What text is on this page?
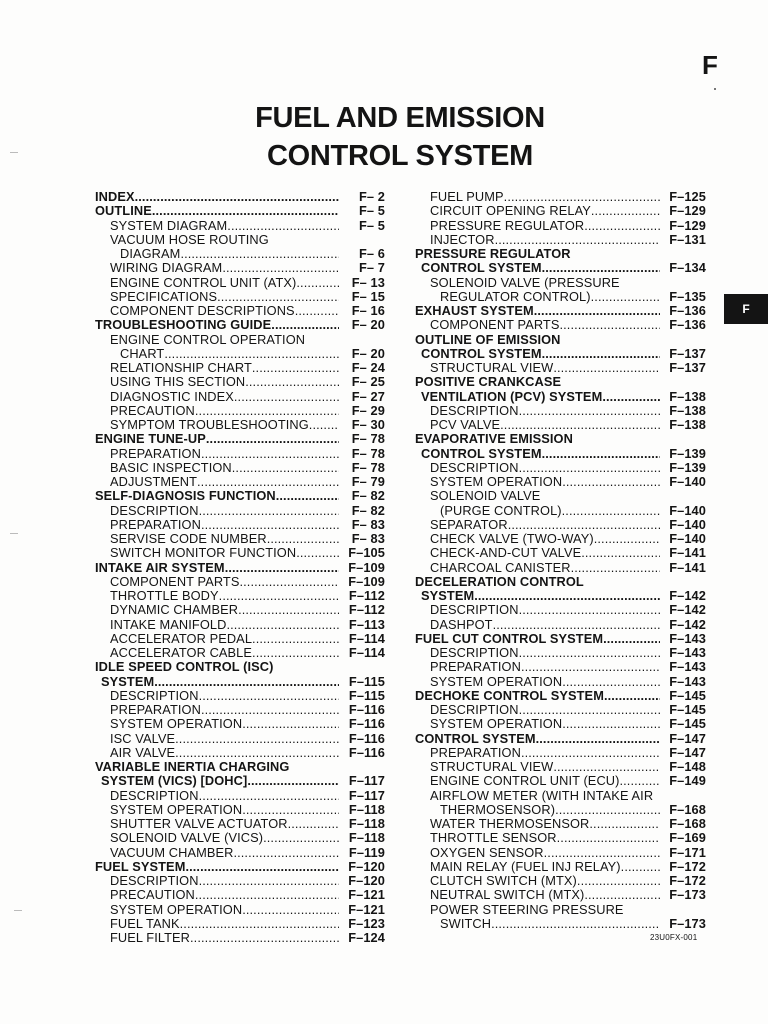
F
FUEL AND EMISSION
CONTROL SYSTEM
F
INDEX .....	F– 2
OUTLINE .....	F– 5
SYSTEM DIAGRAM .....	F– 5
VACUUM HOSE ROUTING
DIAGRAM .....	F– 6
WIRING DIAGRAM .....	F– 7
ENGINE CONTROL UNIT (ATX) .....	F– 13
SPECIFICATIONS .....	F– 15
COMPONENT DESCRIPTIONS .....	F– 16
TROUBLESHOOTING GUIDE .....	F– 20
ENGINE CONTROL OPERATION
CHART .....	F– 20
RELATIONSHIP CHART .....	F– 24
USING THIS SECTION .....	F– 25
DIAGNOSTIC INDEX .....	F– 27
PRECAUTION .....	F– 29
SYMPTOM TROUBLESHOOTING .....	F– 30
ENGINE TUNE-UP .....	F– 78
PREPARATION .....	F– 78
BASIC INSPECTION .....	F– 78
ADJUSTMENT .....	F– 79
SELF-DIAGNOSIS FUNCTION .....	F– 82
DESCRIPTION .....	F– 82
PREPARATION .....	F– 83
SERVISE CODE NUMBER .....	F– 83
SWITCH MONITOR FUNCTION .....	F–105
INTAKE AIR SYSTEM .....	F–109
COMPONENT PARTS .....	F–109
THROTTLE BODY .....	F–112
DYNAMIC CHAMBER .....	F–112
INTAKE MANIFOLD .....	F–113
ACCELERATOR PEDAL .....	F–114
ACCELERATOR CABLE .....	F–114
IDLE SPEED CONTROL (ISC)
SYSTEM .....	F–115
DESCRIPTION .....	F–115
PREPARATION .....	F–116
SYSTEM OPERATION .....	F–116
ISC VALVE .....	F–116
AIR VALVE .....	F–116
VARIABLE INERTIA CHARGING
SYSTEM (VICS) [DOHC] .....	F–117
DESCRIPTION .....	F–117
SYSTEM OPERATION .....	F–118
SHUTTER VALVE ACTUATOR .....	F–118
SOLENOID VALVE (VICS) .....	F–118
VACUUM CHAMBER .....	F–119
FUEL SYSTEM .....	F–120
DESCRIPTION .....	F–120
PRECAUTION .....	F–121
SYSTEM OPERATION .....	F–121
FUEL TANK .....	F–123
FUEL FILTER .....	F–124
FUEL PUMP .....	F–125
CIRCUIT OPENING RELAY .....	F–129
PRESSURE REGULATOR .....	F–129
INJECTOR .....	F–131
PRESSURE REGULATOR
CONTROL SYSTEM .....	F–134
SOLENOID VALVE (PRESSURE
REGULATOR CONTROL) .....	F–135
EXHAUST SYSTEM .....	F–136
COMPONENT PARTS .....	F–136
OUTLINE OF EMISSION
CONTROL SYSTEM .....	F–137
STRUCTURAL VIEW .....	F–137
POSITIVE CRANKCASE
VENTILATION (PCV) SYSTEM .....	F–138
DESCRIPTION .....	F–138
PCV VALVE .....	F–138
EVAPORATIVE EMISSION
CONTROL SYSTEM .....	F–139
DESCRIPTION .....	F–139
SYSTEM OPERATION .....	F–140
SOLENOID VALVE
(PURGE CONTROL) .....	F–140
SEPARATOR .....	F–140
CHECK VALVE (TWO-WAY) .....	F–140
CHECK-AND-CUT VALVE .....	F–141
CHARCOAL CANISTER .....	F–141
DECELERATION CONTROL
SYSTEM .....	F–142
DESCRIPTION .....	F–142
DASHPOT .....	F–142
FUEL CUT CONTROL SYSTEM .....	F–143
DESCRIPTION .....	F–143
PREPARATION .....	F–143
SYSTEM OPERATION .....	F–143
DECHOKE CONTROL SYSTEM .....	F–145
DESCRIPTION .....	F–145
SYSTEM OPERATION .....	F–145
CONTROL SYSTEM .....	F–147
PREPARATION .....	F–147
STRUCTURAL VIEW .....	F–148
ENGINE CONTROL UNIT (ECU) .....	F–149
AIRFLOW METER (WITH INTAKE AIR
THERMOSENSOR) .....	F–168
WATER THERMOSENSOR .....	F–168
THROTTLE SENSOR .....	F–169
OXYGEN SENSOR .....	F–171
MAIN RELAY (FUEL INJ RELAY) .....	F–172
CLUTCH SWITCH (MTX) .....	F–172
NEUTRAL SWITCH (MTX) .....	F–173
POWER STEERING PRESSURE
SWITCH .....	F–173
23U0FX-001
